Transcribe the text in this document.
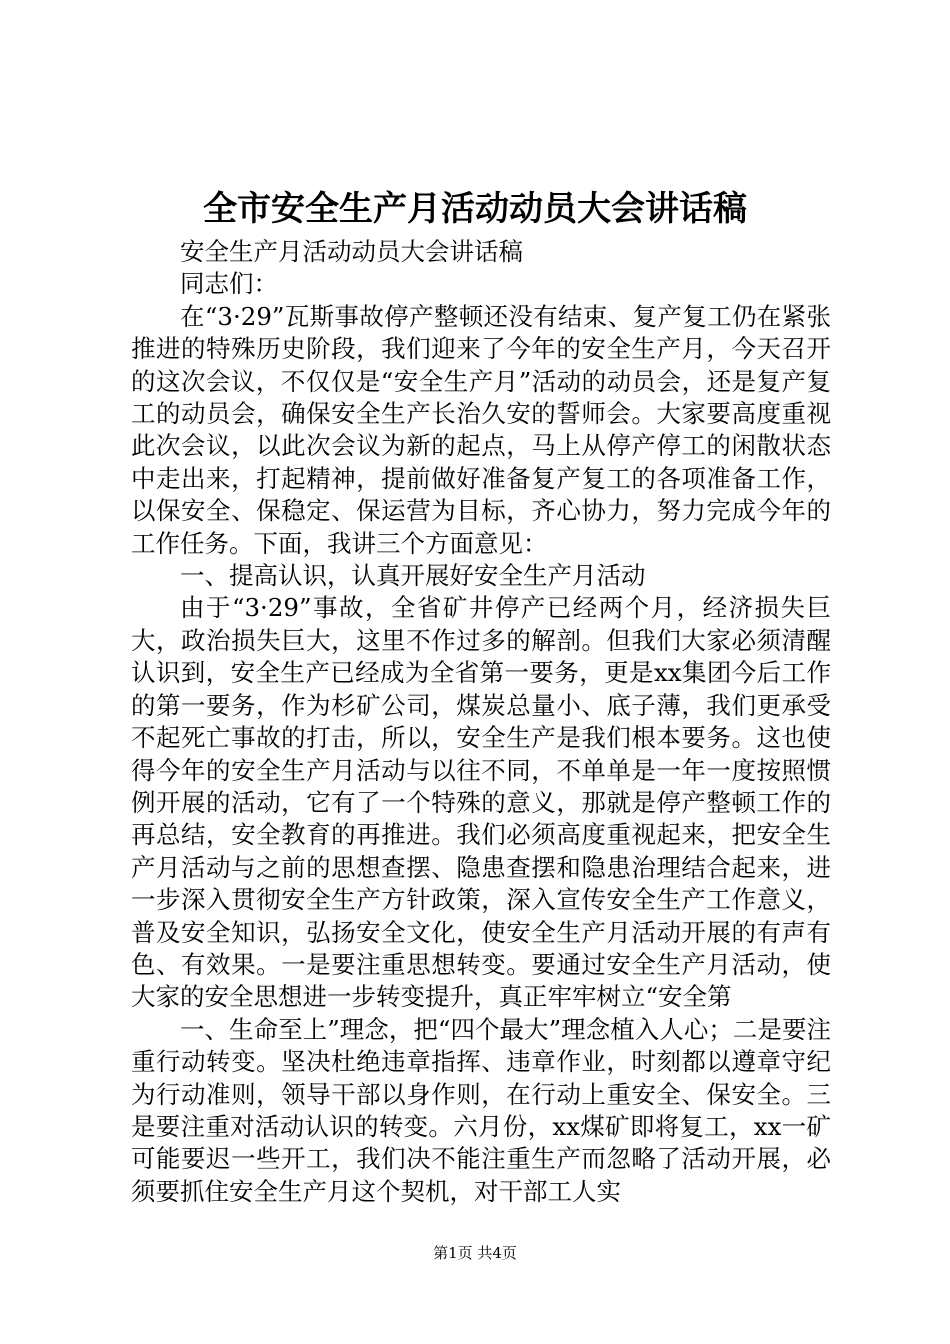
全市安全生产月活动动员大会讲话稿

安全生产月活动动员大会讲话稿

同志们：

在“3·29”瓦斯事故停产整顿还没有结束、复产复工仍在紧张推进的特殊历史阶段，我们迎来了今年的安全生产月，今天召开的这次会议，不仅仅是“安全生产月”活动的动员会，还是复产复工的动员会，确保安全生产长治久安的誓师会。大家要高度重视此次会议，以此次会议为新的起点，马上从停产停工的闲散状态中走出来，打起精神，提前做好准备复产复工的各项准备工作，以保安全、保稳定、保运营为目标，齐心协力，努力完成今年的工作任务。下面，我讲三个方面意见：

一、提高认识，认真开展好安全生产月活动

由于“3·29”事故，全省矿井停产已经两个月，经济损失巨大，政治损失巨大，这里不作过多的解剖。但我们大家必须清醒认识到，安全生产已经成为全省第一要务，更是xx集团今后工作的第一要务，作为杉矿公司，煤炭总量小、底子薄，我们更承受不起死亡事故的打击，所以，安全生产是我们根本要务。这也使得今年的安全生产月活动与以往不同，不单单是一年一度按照惯例开展的活动，它有了一个特殊的意义，那就是停产整顿工作的再总结，安全教育的再推进。我们必须高度重视起来，把安全生产月活动与之前的思想查摆、隐患查摆和隐患治理结合起来，进一步深入贯彻安全生产方针政策，深入宣传安全生产工作意义，普及安全知识，弘扬安全文化，使安全生产月活动开展的有声有色、有效果。一是要注重思想转变。要通过安全生产月活动，使大家的安全思想进一步转变提升，真正牢牢树立“安全第

一、生命至上”理念，把“四个最大”理念植入人心；二是要注重行动转变。坚决杜绝违章指挥、违章作业，时刻都以遵章守纪为行动准则，领导干部以身作则，在行动上重安全、保安全。三是要注重对活动认识的转变。六月份，xx煤矿即将复工，xx一矿可能要迟一些开工，我们决不能注重生产而忽略了活动开展，必须要抓住安全生产月这个契机，对干部工人实

第1页 共4页
